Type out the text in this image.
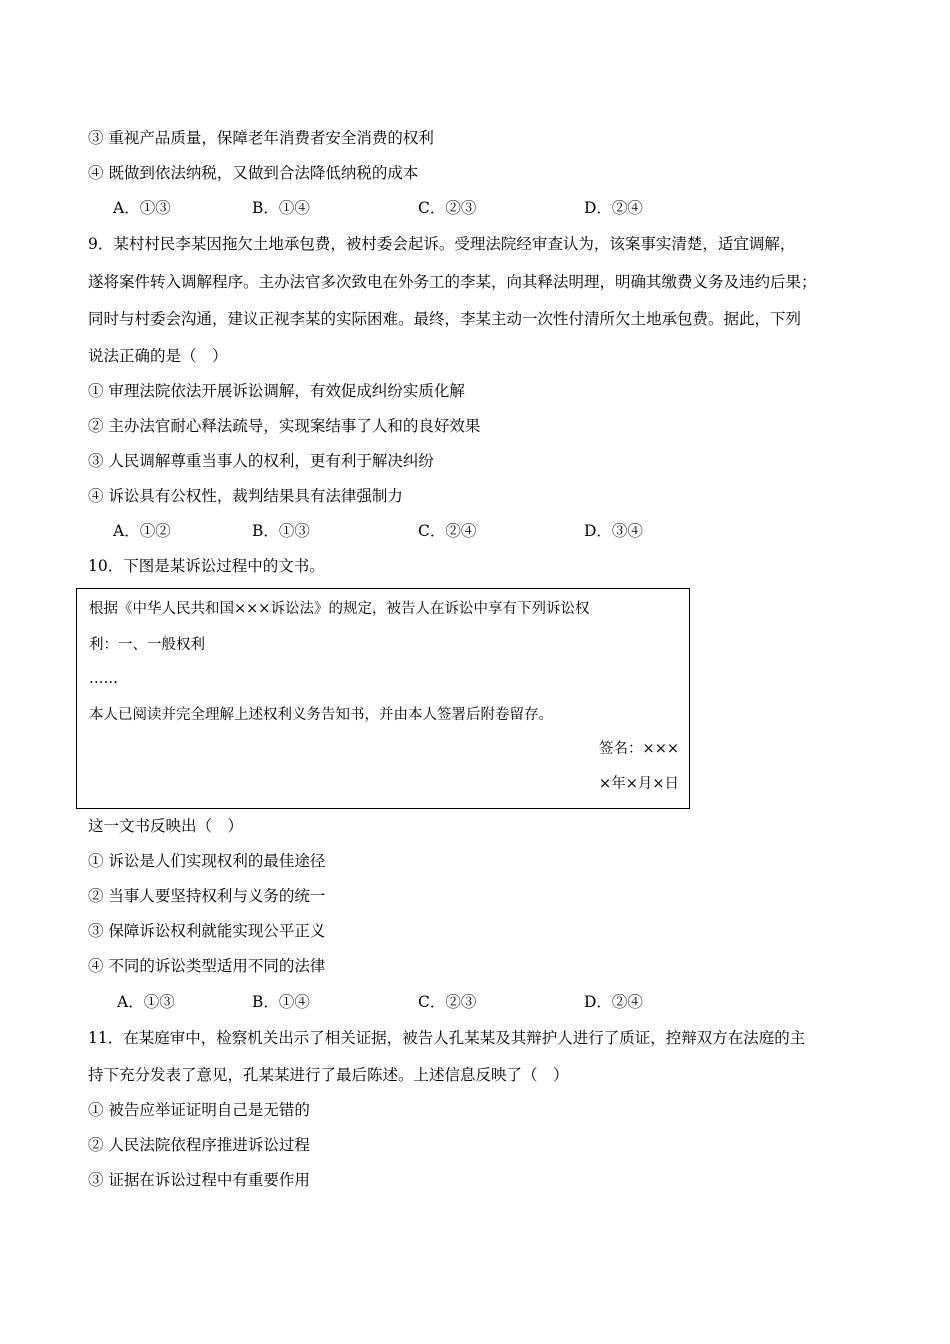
③ 重视产品质量，保障老年消费者安全消费的权利
④ 既做到依法纳税，又做到合法降低纳税的成本
A．①③	B．①④	C．②③	D．②④
9．某村村民李某因拖欠土地承包费，被村委会起诉。受理法院经审查认为，该案事实清楚，适宜调解，
遂将案件转入调解程序。主办法官多次致电在外务工的李某，向其释法明理，明确其缴费义务及违约后果；
同时与村委会沟通，建议正视李某的实际困难。最终，李某主动一次性付清所欠土地承包费。据此，下列
说法正确的是（　）
① 审理法院依法开展诉讼调解，有效促成纠纷实质化解
② 主办法官耐心释法疏导，实现案结事了人和的良好效果
③ 人民调解尊重当事人的权利，更有利于解决纠纷
④ 诉讼具有公权性，裁判结果具有法律强制力
A．①②	B．①③	C．②④	D．③④
10．下图是某诉讼过程中的文书。
根据《中华人民共和国×××诉讼法》的规定，被告人在诉讼中享有下列诉讼权
利：一、一般权利
……
本人已阅读并完全理解上述权利义务告知书，并由本人签署后附卷留存。
签名：×××
×年×月×日
这一文书反映出（　）
① 诉讼是人们实现权利的最佳途径
② 当事人要坚持权利与义务的统一
③ 保障诉讼权利就能实现公平正义
④ 不同的诉讼类型适用不同的法律
A．①③	B．①④	C．②③	D．②④
11．在某庭审中，检察机关出示了相关证据，被告人孔某某及其辩护人进行了质证，控辩双方在法庭的主
持下充分发表了意见，孔某某进行了最后陈述。上述信息反映了（　）
① 被告应举证证明自己是无错的
② 人民法院依程序推进诉讼过程
③ 证据在诉讼过程中有重要作用
